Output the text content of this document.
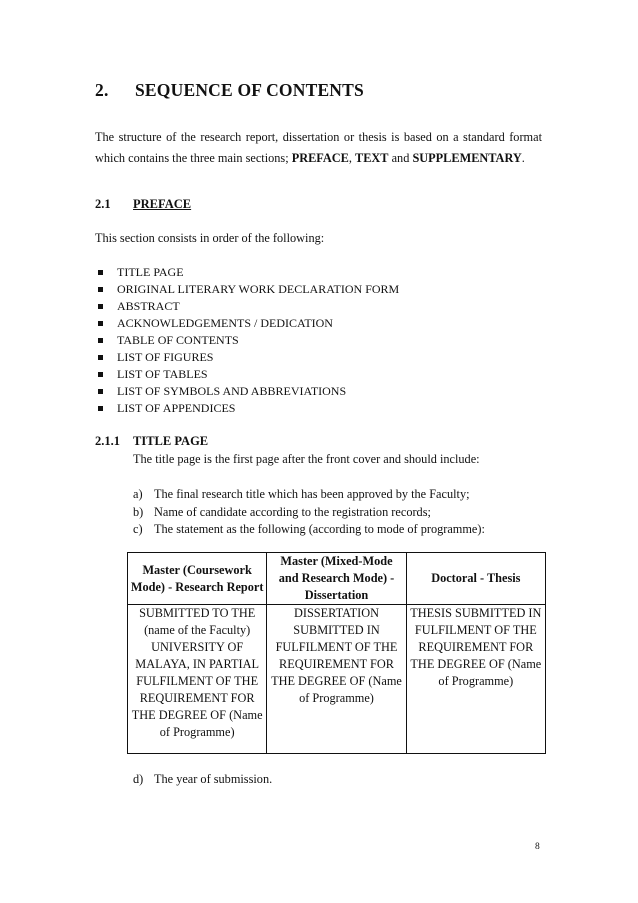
2. SEQUENCE OF CONTENTS
The structure of the research report, dissertation or thesis is based on a standard format which contains the three main sections; PREFACE, TEXT and SUPPLEMENTARY.
2.1 PREFACE
This section consists in order of the following:
TITLE PAGE
ORIGINAL LITERARY WORK DECLARATION FORM
ABSTRACT
ACKNOWLEDGEMENTS / DEDICATION
TABLE OF CONTENTS
LIST OF FIGURES
LIST OF TABLES
LIST OF SYMBOLS AND ABBREVIATIONS
LIST OF APPENDICES
2.1.1 TITLE PAGE
The title page is the first page after the front cover and should include:
a) The final research title which has been approved by the Faculty;
b) Name of candidate according to the registration records;
c) The statement as the following (according to mode of programme):
Master (Coursework Mode) - Research Report	Master (Mixed-Mode and Research Mode) - Dissertation	Doctoral - Thesis
SUBMITTED TO THE (name of the Faculty) UNIVERSITY OF MALAYA, IN PARTIAL FULFILMENT OF THE REQUIREMENT FOR THE DEGREE OF (Name of Programme)	DISSERTATION SUBMITTED IN FULFILMENT OF THE REQUIREMENT FOR THE DEGREE OF (Name of Programme)	THESIS SUBMITTED IN FULFILMENT OF THE REQUIREMENT FOR THE DEGREE OF (Name of Programme)
d) The year of submission.
8
